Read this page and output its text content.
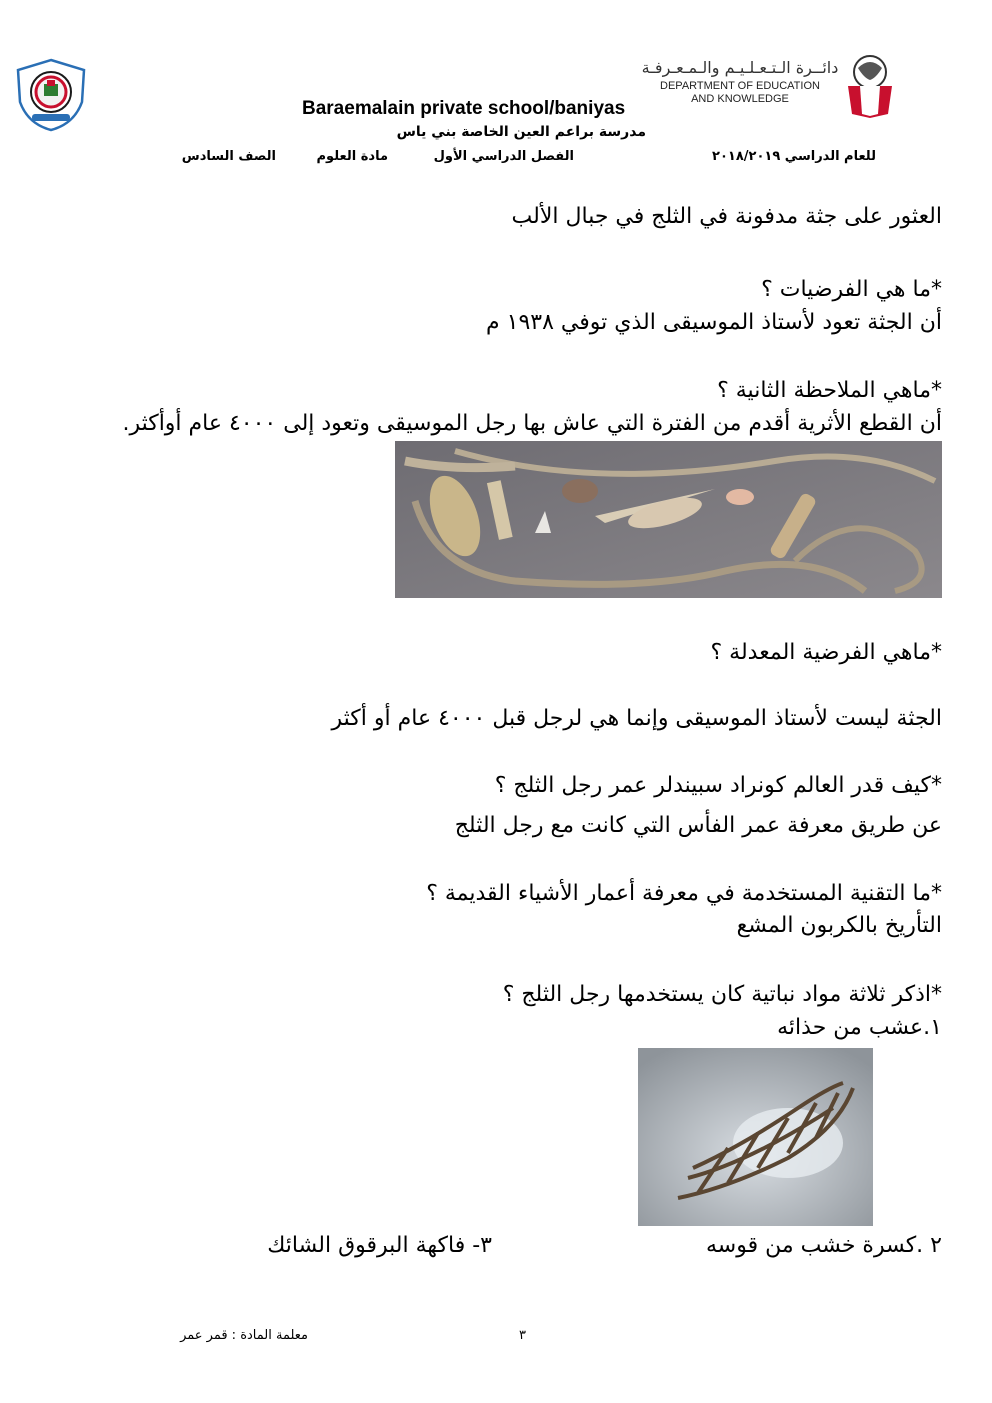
دائــرة الـتـعـلـيـم والـمـعـرفـة
DEPARTMENT OF EDUCATION
AND KNOWLEDGE
Baraemalain private school/baniyas
مدرسة براعم العين الخاصة بني ياس
للعام الدراسي ٢٠١٨/٢٠١٩
الفصل الدراسي الأول
مادة العلوم
الصف السادس
العثور على جثة مدفونة في الثلج في جبال الألب
*ما هي الفرضيات ؟
أن الجثة تعود لأستاذ الموسيقى الذي توفي ١٩٣٨ م
*ماهي الملاحظة الثانية ؟
أن القطع الأثرية أقدم من الفترة التي عاش بها رجل الموسيقى وتعود إلى ٤٠٠٠ عام أوأكثر.
*ماهي الفرضية المعدلة ؟
الجثة ليست لأستاذ الموسيقى وإنما هي لرجل قبل ٤٠٠٠ عام أو أكثر
*كيف قدر العالم كونراد سبيندلر عمر رجل الثلج ؟
عن طريق معرفة عمر الفأس التي كانت مع رجل الثلج
*ما التقنية المستخدمة في معرفة أعمار الأشياء القديمة ؟
التأريخ بالكربون المشع
*اذكر ثلاثة مواد نباتية كان يستخدمها رجل الثلج ؟
١.عشب من حذائه
٢ .كسرة خشب من قوسه
٣- فاكهة البرقوق الشائك
٣
معلمة المادة : قمر عمر
